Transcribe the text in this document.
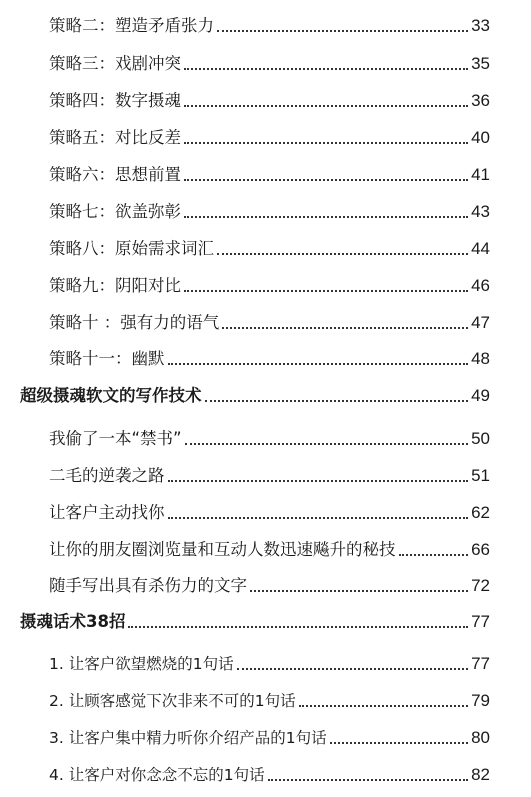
策略二：塑造矛盾张力	33
策略三：戏剧冲突	35
策略四：数字摄魂	36
策略五：对比反差	40
策略六：思想前置	41
策略七：欲盖弥彰	43
策略八：原始需求词汇	44
策略九：阴阳对比	46
策略十 ：强有力的语气	47
策略十一：幽默	48
超级摄魂软文的写作技术	49
我偷了一本“禁书”	50
二毛的逆袭之路	51
让客户主动找你	62
让你的朋友圈浏览量和互动人数迅速飚升的秘技	66
随手写出具有杀伤力的文字	72
摄魂话术38招	77
1. 让客户欲望燃烧的1句话	77
2. 让顾客感觉下次非来不可的1句话	79
3. 让客户集中精力听你介绍产品的1句话	80
4. 让客户对你念念不忘的1句话	82
